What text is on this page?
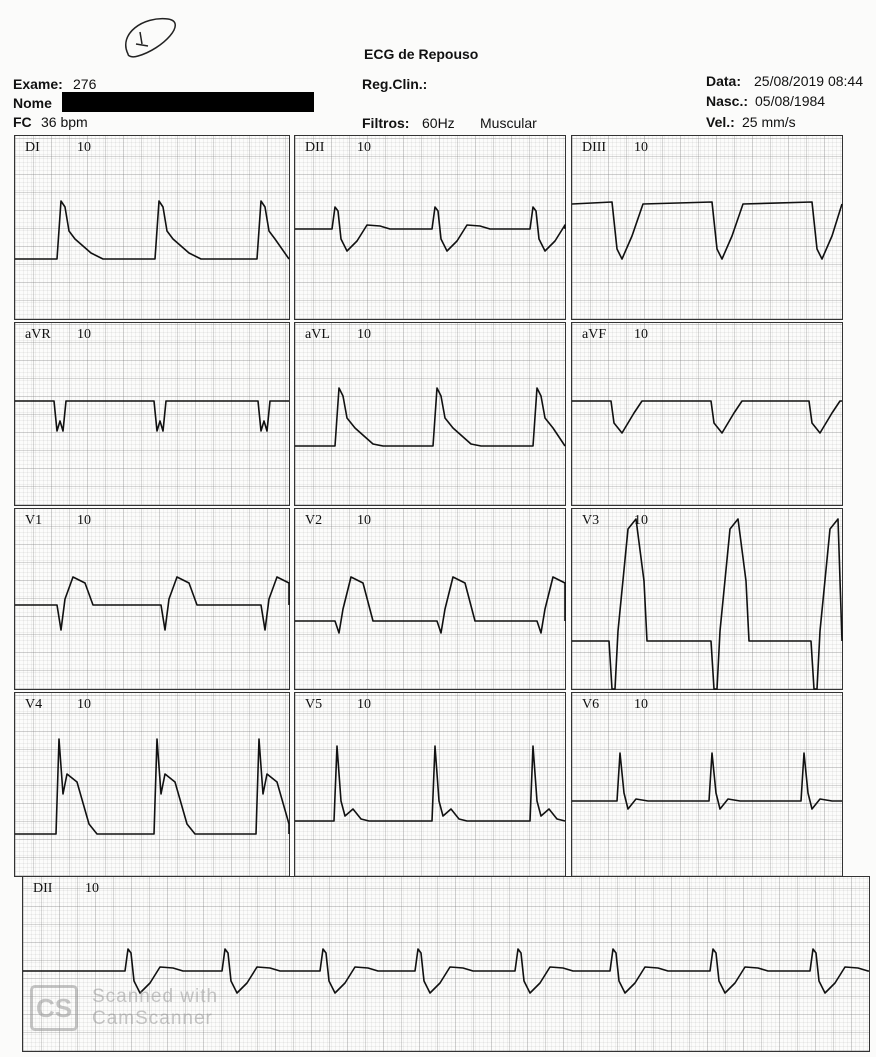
ECG de Repouso
Exame: 276
Nome
FC 36 bpm
Reg.Clin.:
Filtros: 60Hz Muscular
Data: 25/08/2019 08:44
Nasc.: 05/08/1984
Vel.: 25 mm/s
DI	10	DII 10	DIII 10
aVR 10	aVL 10	aVF 10
V1 10	V2 10	V3 10
V4 10	V5 10	V6 10
DII 10
CS	Scanned with
CamScanner
